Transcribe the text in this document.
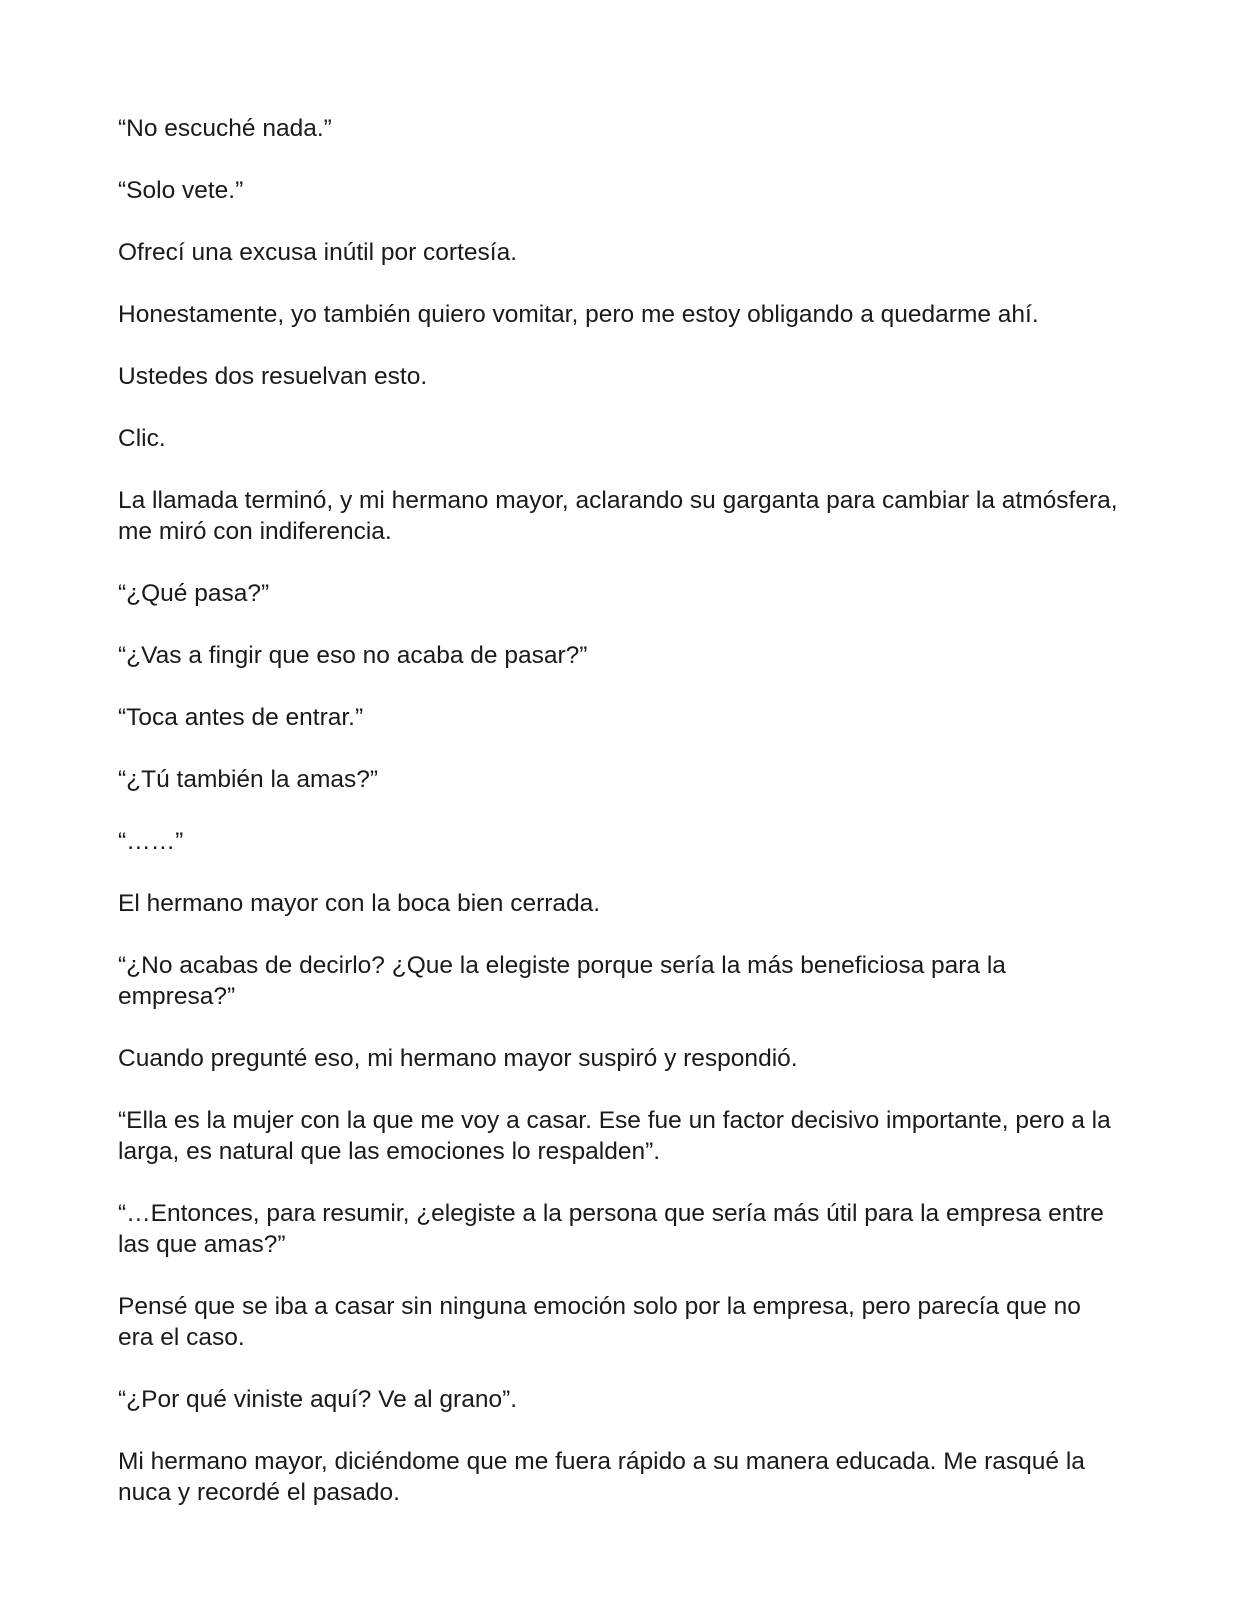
“No escuché nada.”

“Solo vete.”

Ofrecí una excusa inútil por cortesía.

Honestamente, yo también quiero vomitar, pero me estoy obligando a quedarme ahí.

Ustedes dos resuelvan esto.

Clic.

La llamada terminó, y mi hermano mayor, aclarando su garganta para cambiar la atmósfera, me miró con indiferencia.

“¿Qué pasa?”

“¿Vas a fingir que eso no acaba de pasar?”

“Toca antes de entrar.”

“¿Tú también la amas?”

“……”

El hermano mayor con la boca bien cerrada.

“¿No acabas de decirlo? ¿Que la elegiste porque sería la más beneficiosa para la empresa?”

Cuando pregunté eso, mi hermano mayor suspiró y respondió.

“Ella es la mujer con la que me voy a casar. Ese fue un factor decisivo importante, pero a la larga, es natural que las emociones lo respalden”.

“…Entonces, para resumir, ¿elegiste a la persona que sería más útil para la empresa entre las que amas?”

Pensé que se iba a casar sin ninguna emoción solo por la empresa, pero parecía que no era el caso.

“¿Por qué viniste aquí? Ve al grano”.

Mi hermano mayor, diciéndome que me fuera rápido a su manera educada. Me rasqué la nuca y recordé el pasado.
